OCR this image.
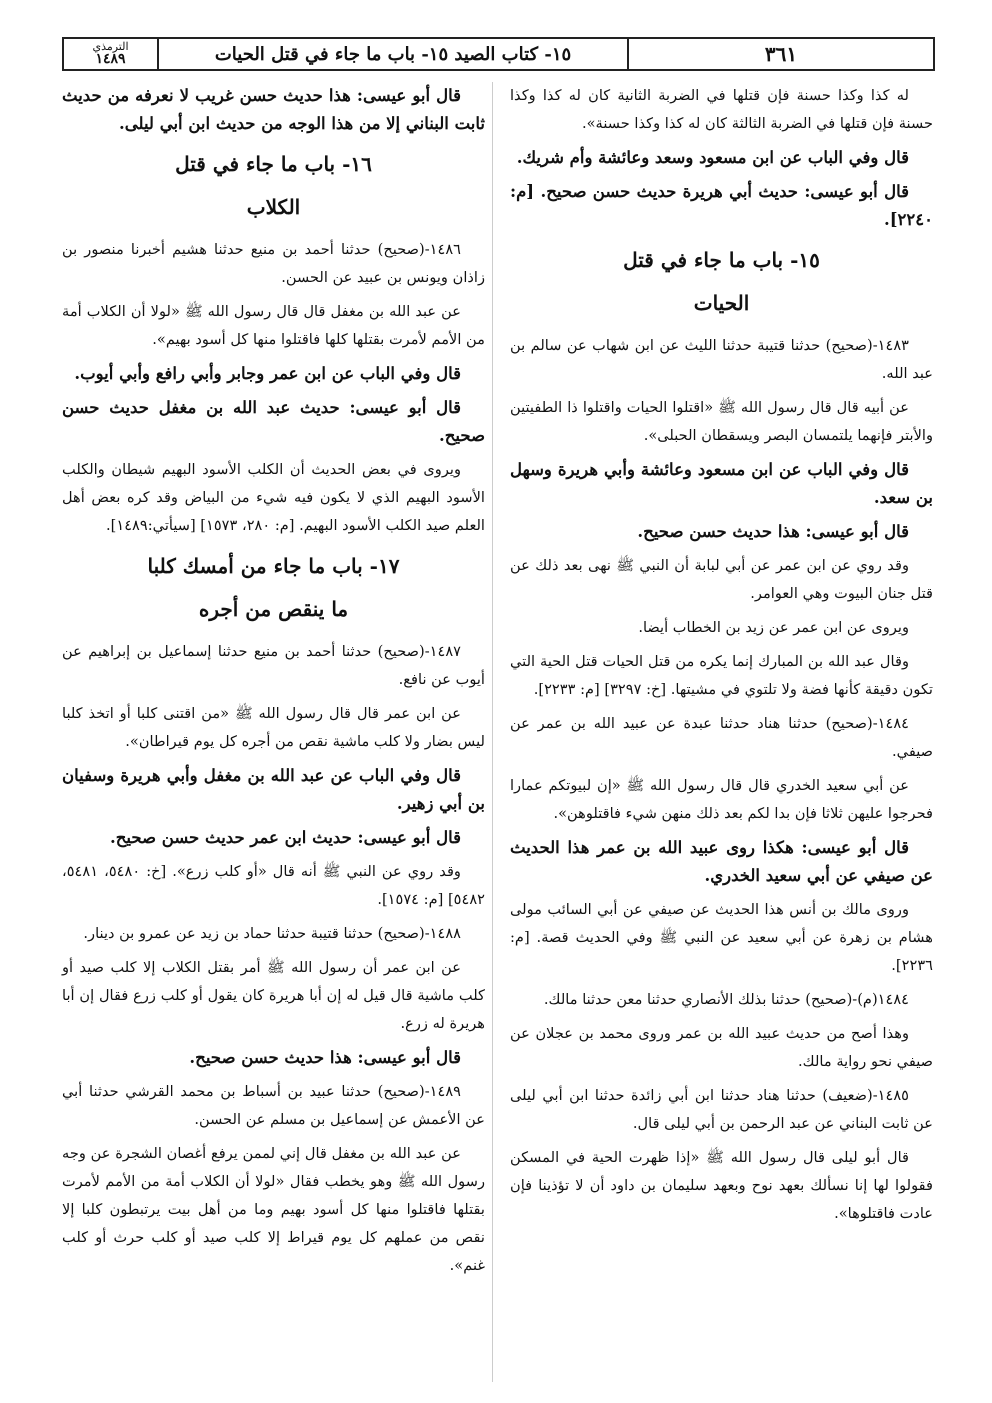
الترمذي
١٤٨٩	١٥- كتاب الصيد ١٥- باب ما جاء في قتل الحيات	٣٦١

له كذا وكذا حسنة فإن قتلها في الضربة الثانية كان له كذا وكذا حسنة فإن قتلها في الضربة الثالثة كان له كذا وكذا حسنة».

قال وفي الباب عن ابن مسعود وسعد وعائشة وأم شريك.

قال أبو عيسى: حديث أبي هريرة حديث حسن صحيح. [م: ٢٢٤٠].

١٥- باب ما جاء في قتل
الحيات

١٤٨٣-(صحيح) حدثنا قتيبة حدثنا الليث عن ابن شهاب عن سالم بن عبد الله.

عن أبيه قال قال رسول الله ﷺ «اقتلوا الحيات واقتلوا ذا الطفيتين والأبتر فإنهما يلتمسان البصر ويسقطان الحبلى».

قال وفي الباب عن ابن مسعود وعائشة وأبي هريرة وسهل بن سعد.

قال أبو عيسى: هذا حديث حسن صحيح.

وقد روي عن ابن عمر عن أبي لبابة أن النبي ﷺ نهى بعد ذلك عن قتل جنان البيوت وهي العوامر.

ويروى عن ابن عمر عن زيد بن الخطاب أيضا.

وقال عبد الله بن المبارك إنما يكره من قتل الحيات قتل الحية التي تكون دقيقة كأنها فضة ولا تلتوي في مشيتها. [خ: ٣٢٩٧] [م: ٢٢٣٣].

١٤٨٤-(صحيح) حدثنا هناد حدثنا عبدة عن عبيد الله بن عمر عن صيفي.

عن أبي سعيد الخدري قال قال رسول الله ﷺ «إن لبيوتكم عمارا فحرجوا عليهن ثلاثا فإن بدا لكم بعد ذلك منهن شيء فاقتلوهن».

قال أبو عيسى: هكذا روى عبيد الله بن عمر هذا الحديث عن صيفي عن أبي سعيد الخدري.

وروى مالك بن أنس هذا الحديث عن صيفي عن أبي السائب مولى هشام بن زهرة عن أبي سعيد عن النبي ﷺ وفي الحديث قصة. [م: ٢٢٣٦].

١٤٨٤(م)-(صحيح) حدثنا بذلك الأنصاري حدثنا معن حدثنا مالك.

وهذا أصح من حديث عبيد الله بن عمر وروى محمد بن عجلان عن صيفي نحو رواية مالك.

١٤٨٥-(ضعيف) حدثنا هناد حدثنا ابن أبي زائدة حدثنا ابن أبي ليلى عن ثابت البناني عن عبد الرحمن بن أبي ليلى قال.

قال أبو ليلى قال رسول الله ﷺ «إذا ظهرت الحية في المسكن فقولوا لها إنا نسألك بعهد نوح وبعهد سليمان بن داود أن لا تؤذينا فإن عادت فاقتلوها».

قال أبو عيسى: هذا حديث حسن غريب لا نعرفه من حديث ثابت البناني إلا من هذا الوجه من حديث ابن أبي ليلى.

١٦- باب ما جاء في قتل
الكلاب

١٤٨٦-(صحيح) حدثنا أحمد بن منيع حدثنا هشيم أخبرنا منصور بن زاذان ويونس بن عبيد عن الحسن.

عن عبد الله بن مغفل قال قال رسول الله ﷺ «لولا أن الكلاب أمة من الأمم لأمرت بقتلها كلها فاقتلوا منها كل أسود بهيم».

قال وفي الباب عن ابن عمر وجابر وأبي رافع وأبي أيوب.

قال أبو عيسى: حديث عبد الله بن مغفل حديث حسن صحيح.

ويروى في بعض الحديث أن الكلب الأسود البهيم شيطان والكلب الأسود البهيم الذي لا يكون فيه شيء من البياض وقد كره بعض أهل العلم صيد الكلب الأسود البهيم. [م: ٢٨٠، ١٥٧٣] [سيأتي:١٤٨٩].

١٧- باب ما جاء من أمسك كلبا
ما ينقص من أجره

١٤٨٧-(صحيح) حدثنا أحمد بن منيع حدثنا إسماعيل بن إبراهيم عن أيوب عن نافع.

عن ابن عمر قال قال رسول الله ﷺ «من اقتنى كلبا أو اتخذ كلبا ليس بضار ولا كلب ماشية نقص من أجره كل يوم قيراطان».

قال وفي الباب عن عبد الله بن مغفل وأبي هريرة وسفيان بن أبي زهير.

قال أبو عيسى: حديث ابن عمر حديث حسن صحيح.

وقد روي عن النبي ﷺ أنه قال «أو كلب زرع». [خ: ٥٤٨٠، ٥٤٨١، ٥٤٨٢] [م: ١٥٧٤].

١٤٨٨-(صحيح) حدثنا قتيبة حدثنا حماد بن زيد عن عمرو بن دينار.

عن ابن عمر أن رسول الله ﷺ أمر بقتل الكلاب إلا كلب صيد أو كلب ماشية قال قيل له إن أبا هريرة كان يقول أو كلب زرع فقال إن أبا هريرة له زرع.

قال أبو عيسى: هذا حديث حسن صحيح.

١٤٨٩-(صحيح) حدثنا عبيد بن أسباط بن محمد القرشي حدثنا أبي عن الأعمش عن إسماعيل بن مسلم عن الحسن.

عن عبد الله بن مغفل قال إني لممن يرفع أغصان الشجرة عن وجه رسول الله ﷺ وهو يخطب فقال «لولا أن الكلاب أمة من الأمم لأمرت بقتلها فاقتلوا منها كل أسود بهيم وما من أهل بيت يرتبطون كلبا إلا نقص من عملهم كل يوم قيراط إلا كلب صيد أو كلب حرث أو كلب غنم».
